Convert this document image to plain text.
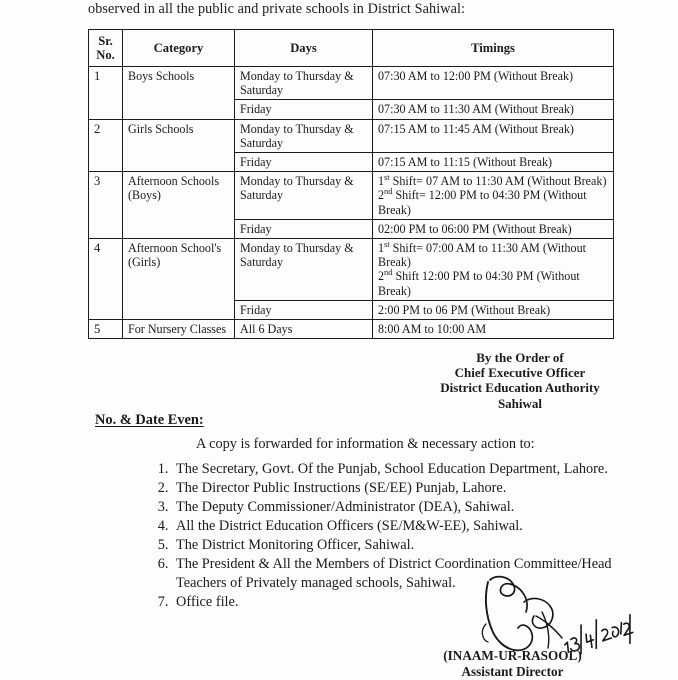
observed in all the public and private schools in District Sahiwal:
Sr.
No.	Category	Days	Timings
1	Boys Schools	Monday to Thursday & Saturday	07:30 AM to 12:00 PM (Without Break)
		Friday	07:30 AM to 11:30 AM (Without Break)
2	Girls Schools	Monday to Thursday & Saturday	07:15 AM to 11:45 AM (Without Break)
		Friday	07:15 AM to 11:15 (Without Break)
3	Afternoon Schools (Boys)	Monday to Thursday & Saturday	1st Shift= 07 AM to 11:30 AM (Without Break)
2nd Shift= 12:00 PM to 04:30 PM (Without Break)
		Friday	02:00 PM to 06:00 PM (Without Break)
4	Afternoon School's (Girls)	Monday to Thursday & Saturday	1st Shift= 07:00 AM to 11:30 AM (Without Break)
2nd Shift 12:00 PM to 04:30 PM (Without Break)
		Friday	2:00 PM to 06 PM (Without Break)
5	For Nursery Classes	All 6 Days	8:00 AM to 10:00 AM
By the Order of
Chief Executive Officer
District Education Authority
Sahiwal
No. & Date Even:
A copy is forwarded for information & necessary action to:
1. The Secretary, Govt. Of the Punjab, School Education Department, Lahore.
2. The Director Public Instructions (SE/EE) Punjab, Lahore.
3. The Deputy Commissioner/Administrator (DEA), Sahiwal.
4. All the District Education Officers (SE/M&W-EE), Sahiwal.
5. The District Monitoring Officer, Sahiwal.
6. The President & All the Members of District Coordination Committee/Head Teachers of Privately managed schools, Sahiwal.
7. Office file.
(INAAM-UR-RASOOL)
Assistant Director
